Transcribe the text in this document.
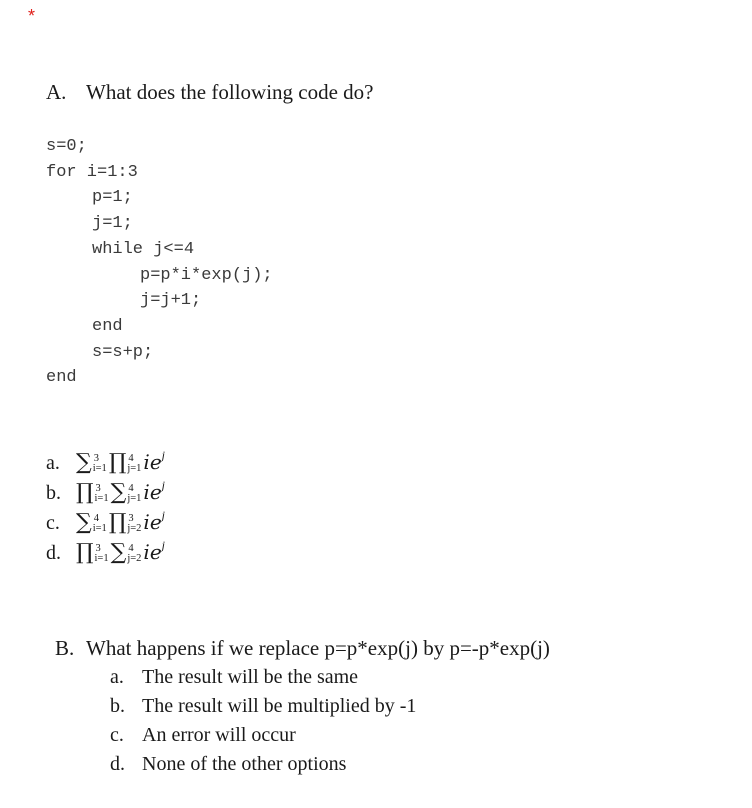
*
A. What does the following code do?
s=0;
for i=1:3
p=1;
j=1;
while j<=4
p=p*i*exp(j);
j=j+1;
end
s=s+p;
end
a. ∑ 3
i=1 ∏ 4
j=1 $ie^j$
b. ∏ 3
i=1 ∑ 4
j=1 $ie^j$
c. ∑ 4
i=1 ∏ 3
j=2 $ie^j$
d. ∏ 3
i=1 ∑ 4
j=2 $ie^j$
B. What happens if we replace p=p*exp(j) by p=-p*exp(j)
a. The result will be the same
b. The result will be multiplied by -1
c. An error will occur
d. None of the other options
